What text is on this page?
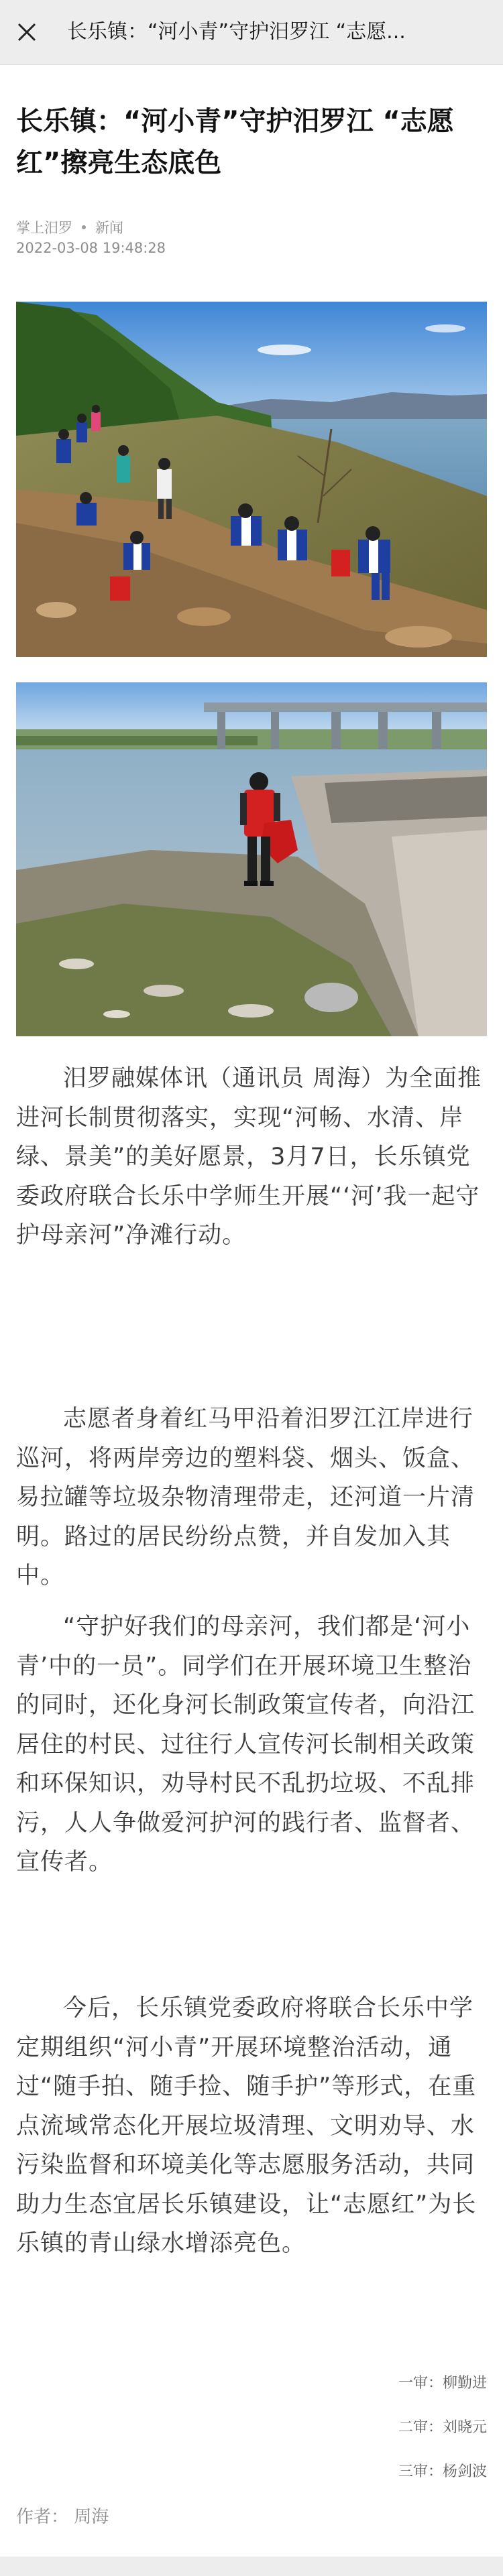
长乐镇：“河小青”守护汨罗江 “志愿...
长乐镇：“河小青”守护汨罗江 “志愿红”擦亮生态底色
掌上汨罗 新闻
2022-03-08 19:48:28

汨罗融媒体讯（通讯员 周海）为全面推进河长制贯彻落实，实现“河畅、水清、岸绿、景美”的美好愿景，3月7日，长乐镇党委政府联合长乐中学师生开展“‘河’我一起守护母亲河”净滩行动。

志愿者身着红马甲沿着汨罗江江岸进行巡河，将两岸旁边的塑料袋、烟头、饭盒、易拉罐等垃圾杂物清理带走，还河道一片清明。路过的居民纷纷点赞，并自发加入其中。

“守护好我们的母亲河，我们都是‘河小青’中的一员”。同学们在开展环境卫生整治的同时，还化身河长制政策宣传者，向沿江居住的村民、过往行人宣传河长制相关政策和环保知识，劝导村民不乱扔垃圾、不乱排污，人人争做爱河护河的践行者、监督者、宣传者。

今后，长乐镇党委政府将联合长乐中学定期组织“河小青”开展环境整治活动，通过“随手拍、随手捡、随手护”等形式，在重点流域常态化开展垃圾清理、文明劝导、水污染监督和环境美化等志愿服务活动，共同助力生态宜居长乐镇建设，让“志愿红”为长乐镇的青山绿水增添亮色。

一审：柳勤进
二审：刘晓元
三审：杨剑波
作者： 周海
